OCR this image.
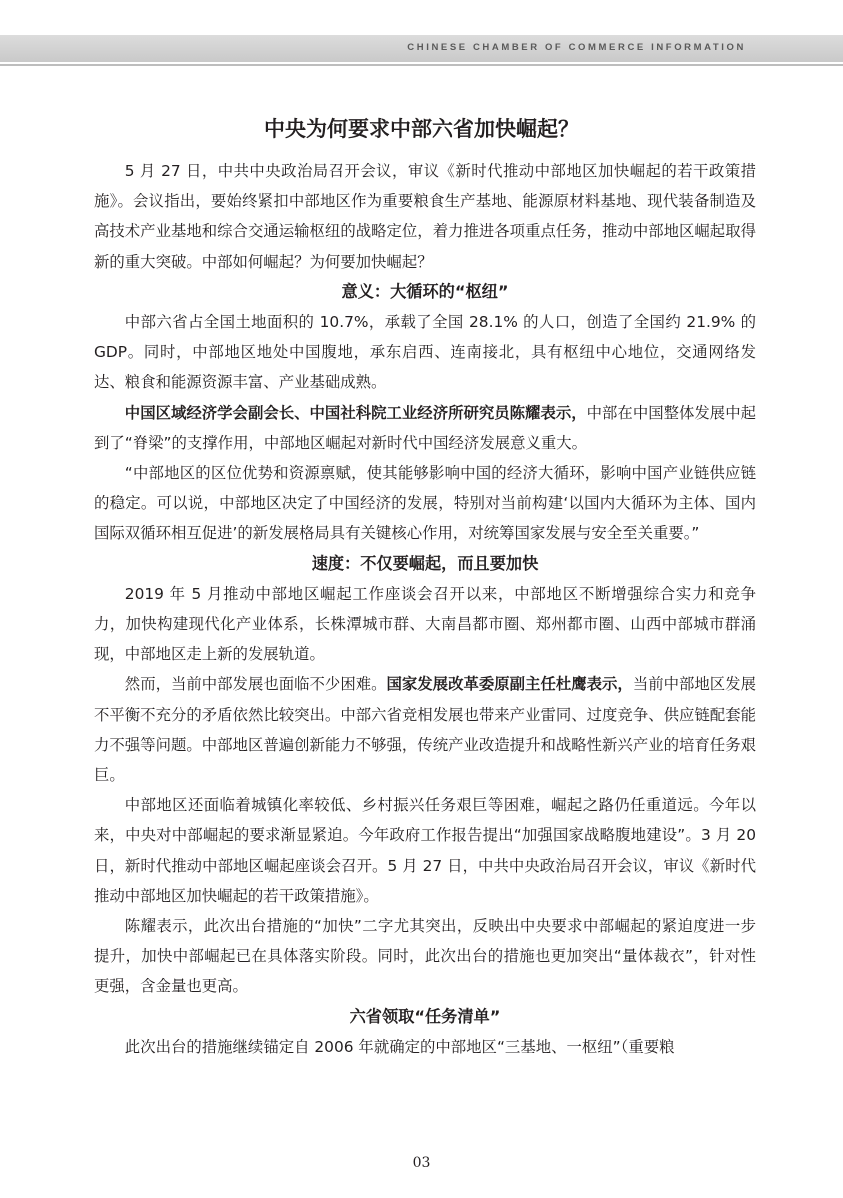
CHINESE CHAMBER OF COMMERCE INFORMATION
中央为何要求中部六省加快崛起？

5 月 27 日，中共中央政治局召开会议，审议《新时代推动中部地区加快崛起的若干政策措施》。会议指出，要始终紧扣中部地区作为重要粮食生产基地、能源原材料基地、现代装备制造及高技术产业基地和综合交通运输枢纽的战略定位，着力推进各项重点任务，推动中部地区崛起取得新的重大突破。中部如何崛起？为何要加快崛起？

意义：大循环的“枢纽”

中部六省占全国土地面积的 10.7%，承载了全国 28.1% 的人口，创造了全国约 21.9% 的 GDP。同时，中部地区地处中国腹地，承东启西、连南接北，具有枢纽中心地位，交通网络发达、粮食和能源资源丰富、产业基础成熟。

中国区域经济学会副会长、中国社科院工业经济所研究员陈耀表示，中部在中国整体发展中起到了“脊梁”的支撑作用，中部地区崛起对新时代中国经济发展意义重大。

“中部地区的区位优势和资源禀赋，使其能够影响中国的经济大循环，影响中国产业链供应链的稳定。可以说，中部地区决定了中国经济的发展，特别对当前构建‘以国内大循环为主体、国内国际双循环相互促进’的新发展格局具有关键核心作用，对统筹国家发展与安全至关重要。”

速度：不仅要崛起，而且要加快

2019 年 5 月推动中部地区崛起工作座谈会召开以来，中部地区不断增强综合实力和竞争力，加快构建现代化产业体系，长株潭城市群、大南昌都市圈、郑州都市圈、山西中部城市群涌现，中部地区走上新的发展轨道。

然而，当前中部发展也面临不少困难。国家发展改革委原副主任杜鹰表示，当前中部地区发展不平衡不充分的矛盾依然比较突出。中部六省竞相发展也带来产业雷同、过度竞争、供应链配套能力不强等问题。中部地区普遍创新能力不够强，传统产业改造提升和战略性新兴产业的培育任务艰巨。

中部地区还面临着城镇化率较低、乡村振兴任务艰巨等困难，崛起之路仍任重道远。今年以来，中央对中部崛起的要求渐显紧迫。今年政府工作报告提出“加强国家战略腹地建设”。3 月 20 日，新时代推动中部地区崛起座谈会召开。5 月 27 日，中共中央政治局召开会议，审议《新时代推动中部地区加快崛起的若干政策措施》。

陈耀表示，此次出台措施的“加快”二字尤其突出，反映出中央要求中部崛起的紧迫度进一步提升，加快中部崛起已在具体落实阶段。同时，此次出台的措施也更加突出“量体裁衣”，针对性更强，含金量也更高。

六省领取“任务清单”

此次出台的措施继续锚定自 2006 年就确定的中部地区“三基地、一枢纽”（重要粮

03
